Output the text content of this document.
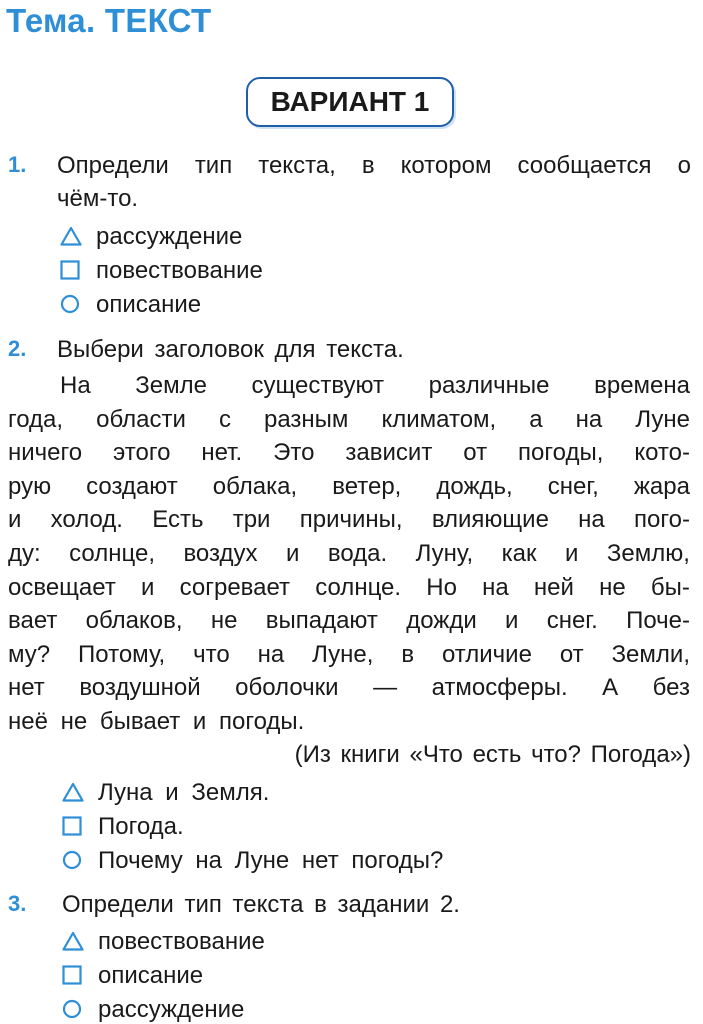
Тема. ТЕКСТ
ВАРИАНТ 1
1. Определи тип текста, в котором сообщается о
чём-то.
рассуждение
повествование
описание
2. Выбери заголовок для текста.
На Земле существуют различные времена
года, области с разным климатом, а на Луне
ничего этого нет. Это зависит от погоды, кото-
рую создают облака, ветер, дождь, снег, жара
и холод. Есть три причины, влияющие на пого-
ду: солнце, воздух и вода. Луну, как и Землю,
освещает и согревает солнце. Но на ней не бы-
вает облаков, не выпадают дожди и снег. Поче-
му? Потому, что на Луне, в отличие от Земли,
нет воздушной оболочки — атмосферы. А без
неё не бывает и погоды.
(Из книги «Что есть что? Погода»)
Луна и Земля.
Погода.
Почему на Луне нет погоды?
3. Определи тип текста в задании 2.
повествование
описание
рассуждение
